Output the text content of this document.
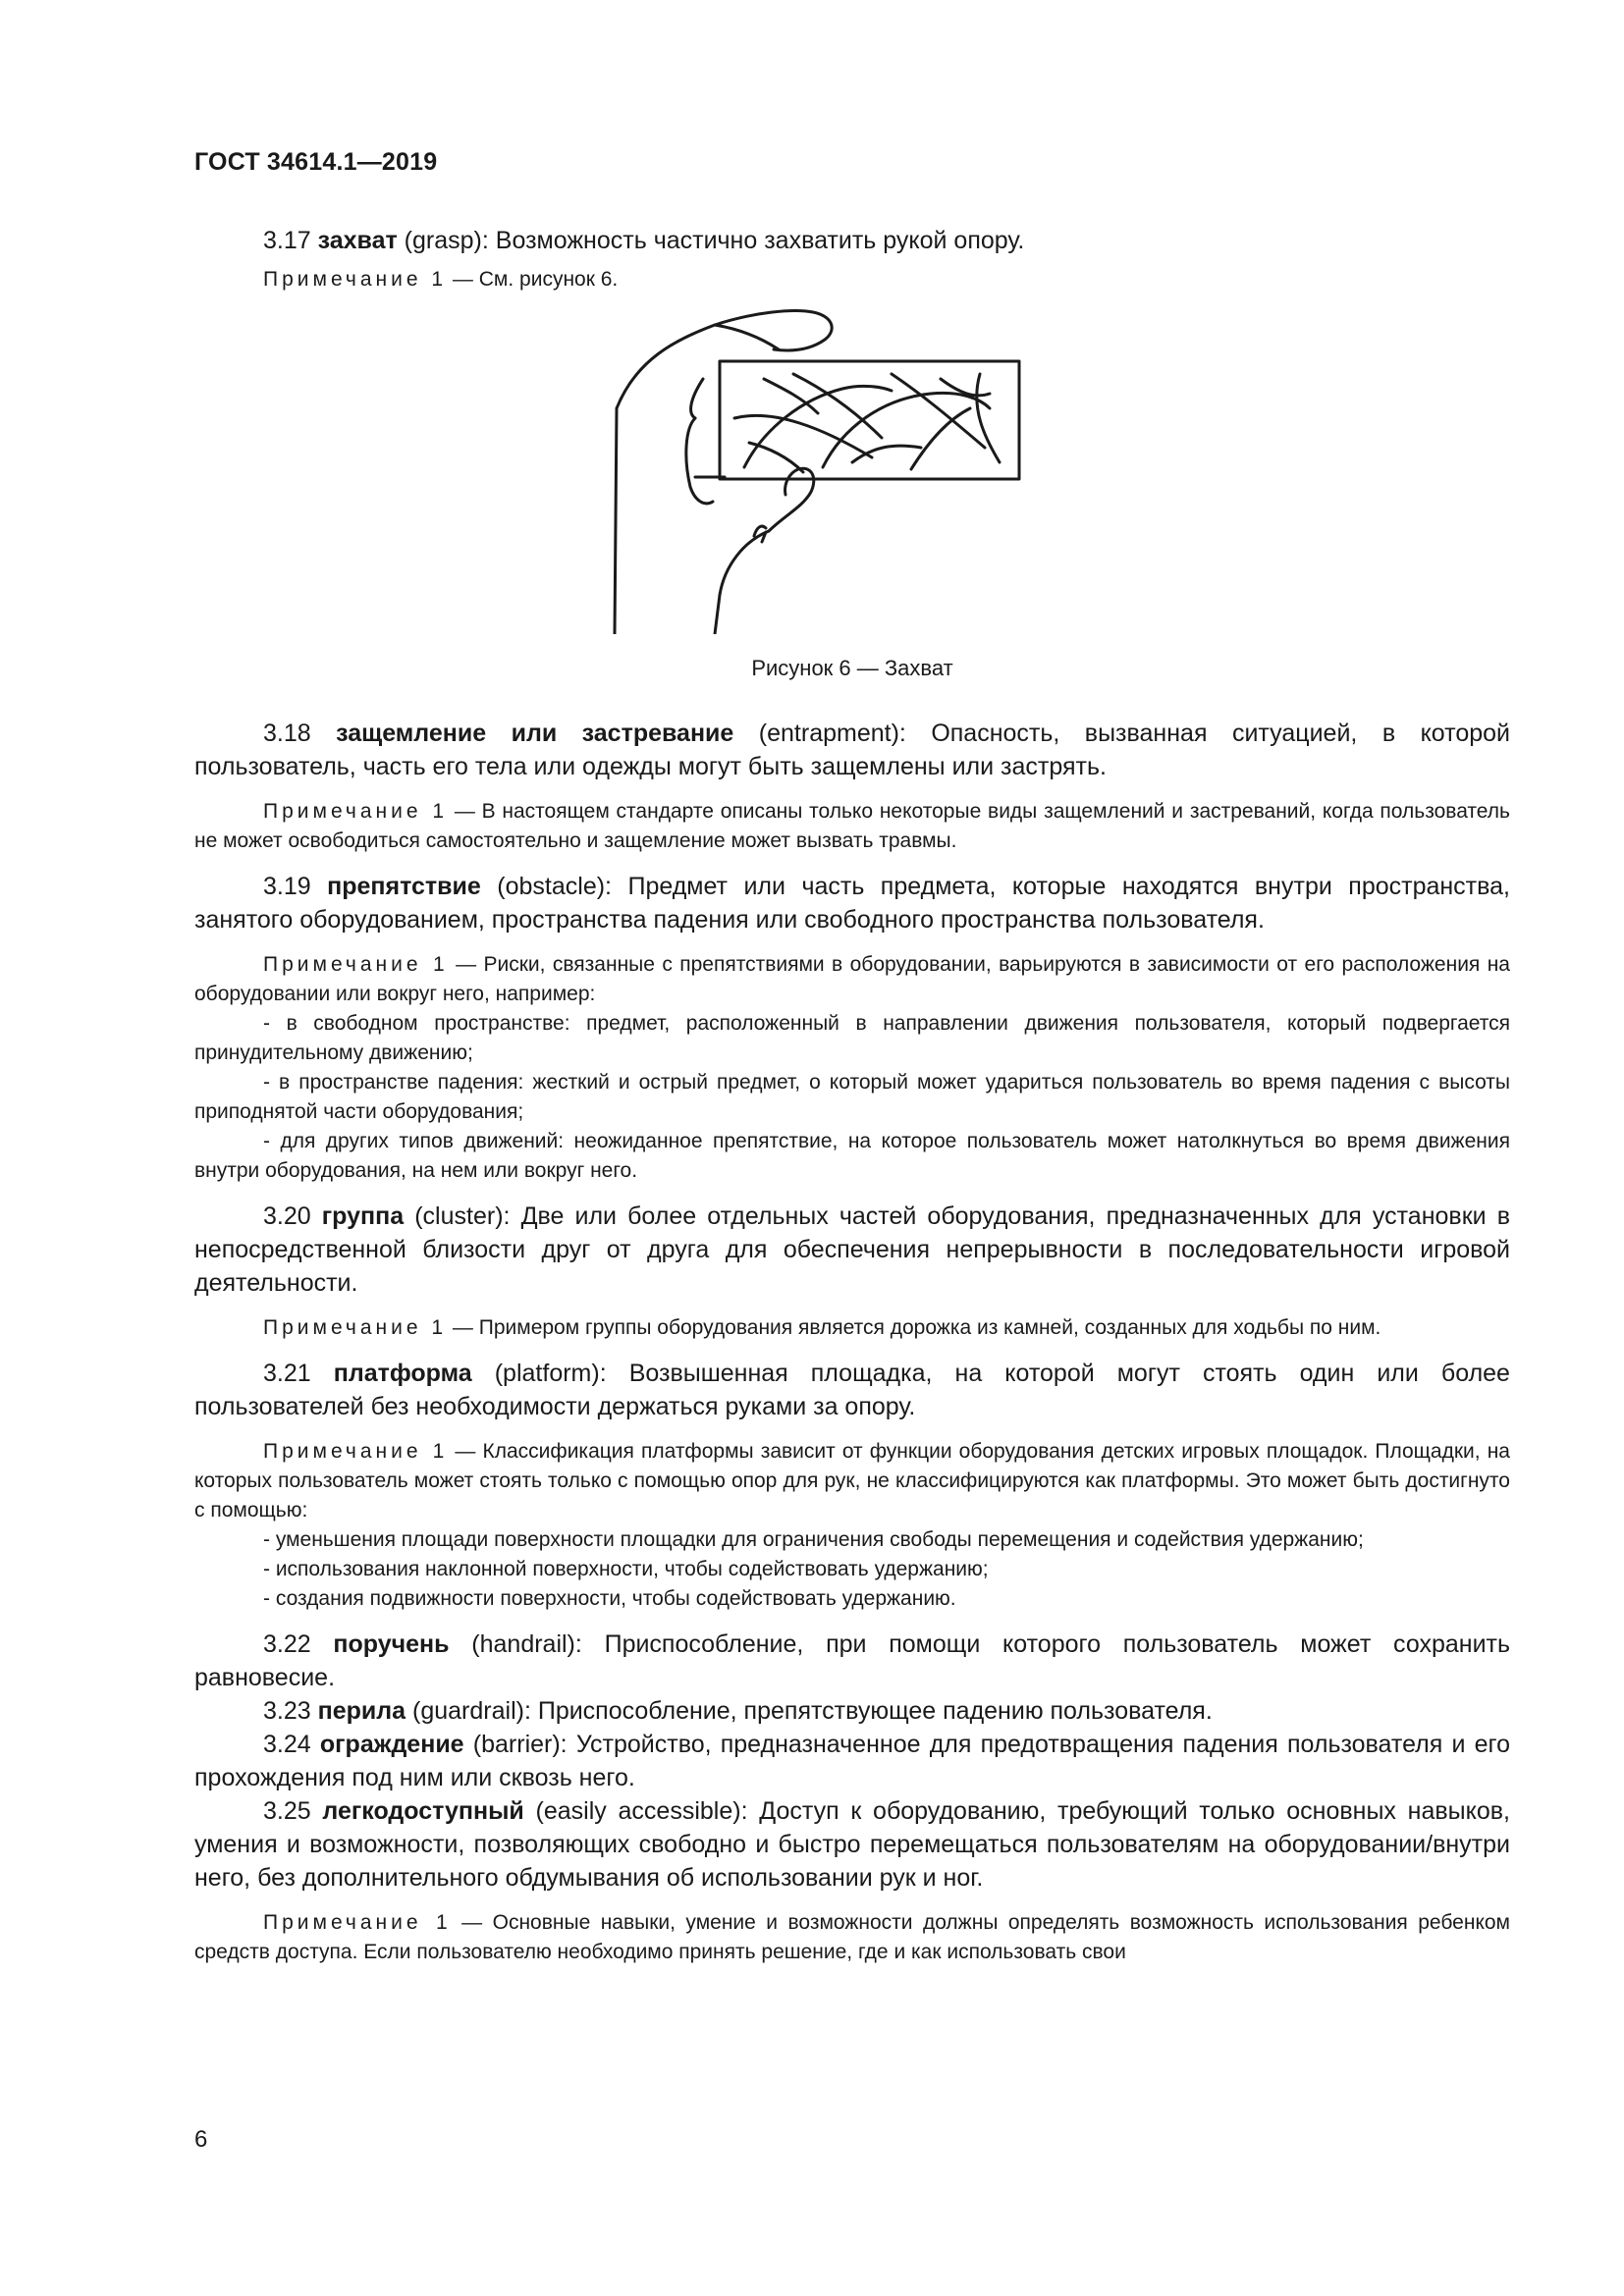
ГОСТ 34614.1—2019

3.17 захват (grasp): Возможность частично захватить рукой опору.

Примечание 1 — См. рисунок 6.

Рисунок 6 — Захват

3.18 защемление или застревание (entrapment): Опасность, вызванная ситуацией, в которой пользователь, часть его тела или одежды могут быть защемлены или застрять.

Примечание 1 — В настоящем стандарте описаны только некоторые виды защемлений и застреваний, когда пользователь не может освободиться самостоятельно и защемление может вызвать травмы.

3.19 препятствие (obstacle): Предмет или часть предмета, которые находятся внутри пространства, занятого оборудованием, пространства падения или свободного пространства пользователя.

Примечание 1 — Риски, связанные с препятствиями в оборудовании, варьируются в зависимости от его расположения на оборудовании или вокруг него, например:

- в свободном пространстве: предмет, расположенный в направлении движения пользователя, который подвергается принудительному движению;

- в пространстве падения: жесткий и острый предмет, о который может удариться пользователь во время падения с высоты приподнятой части оборудования;

- для других типов движений: неожиданное препятствие, на которое пользователь может натолкнуться во время движения внутри оборудования, на нем или вокруг него.

3.20 группа (cluster): Две или более отдельных частей оборудования, предназначенных для установки в непосредственной близости друг от друга для обеспечения непрерывности в последовательности игровой деятельности.

Примечание 1 — Примером группы оборудования является дорожка из камней, созданных для ходьбы по ним.

3.21 платформа (platform): Возвышенная площадка, на которой могут стоять один или более пользователей без необходимости держаться руками за опору.

Примечание 1 — Классификация платформы зависит от функции оборудования детских игровых площадок. Площадки, на которых пользователь может стоять только с помощью опор для рук, не классифицируются как платформы. Это может быть достигнуто с помощью:

- уменьшения площади поверхности площадки для ограничения свободы перемещения и содействия удержанию;

- использования наклонной поверхности, чтобы содействовать удержанию;

- создания подвижности поверхности, чтобы содействовать удержанию.

3.22 поручень (handrail): Приспособление, при помощи которого пользователь может сохранить равновесие.

3.23 перила (guardrail): Приспособление, препятствующее падению пользователя.

3.24 ограждение (barrier): Устройство, предназначенное для предотвращения падения пользователя и его прохождения под ним или сквозь него.

3.25 легкодоступный (easily accessible): Доступ к оборудованию, требующий только основных навыков, умения и возможности, позволяющих свободно и быстро перемещаться пользователям на оборудовании/внутри него, без дополнительного обдумывания об использовании рук и ног.

Примечание 1 — Основные навыки, умение и возможности должны определять возможность использования ребенком средств доступа. Если пользователю необходимо принять решение, где и как использовать свои

6
